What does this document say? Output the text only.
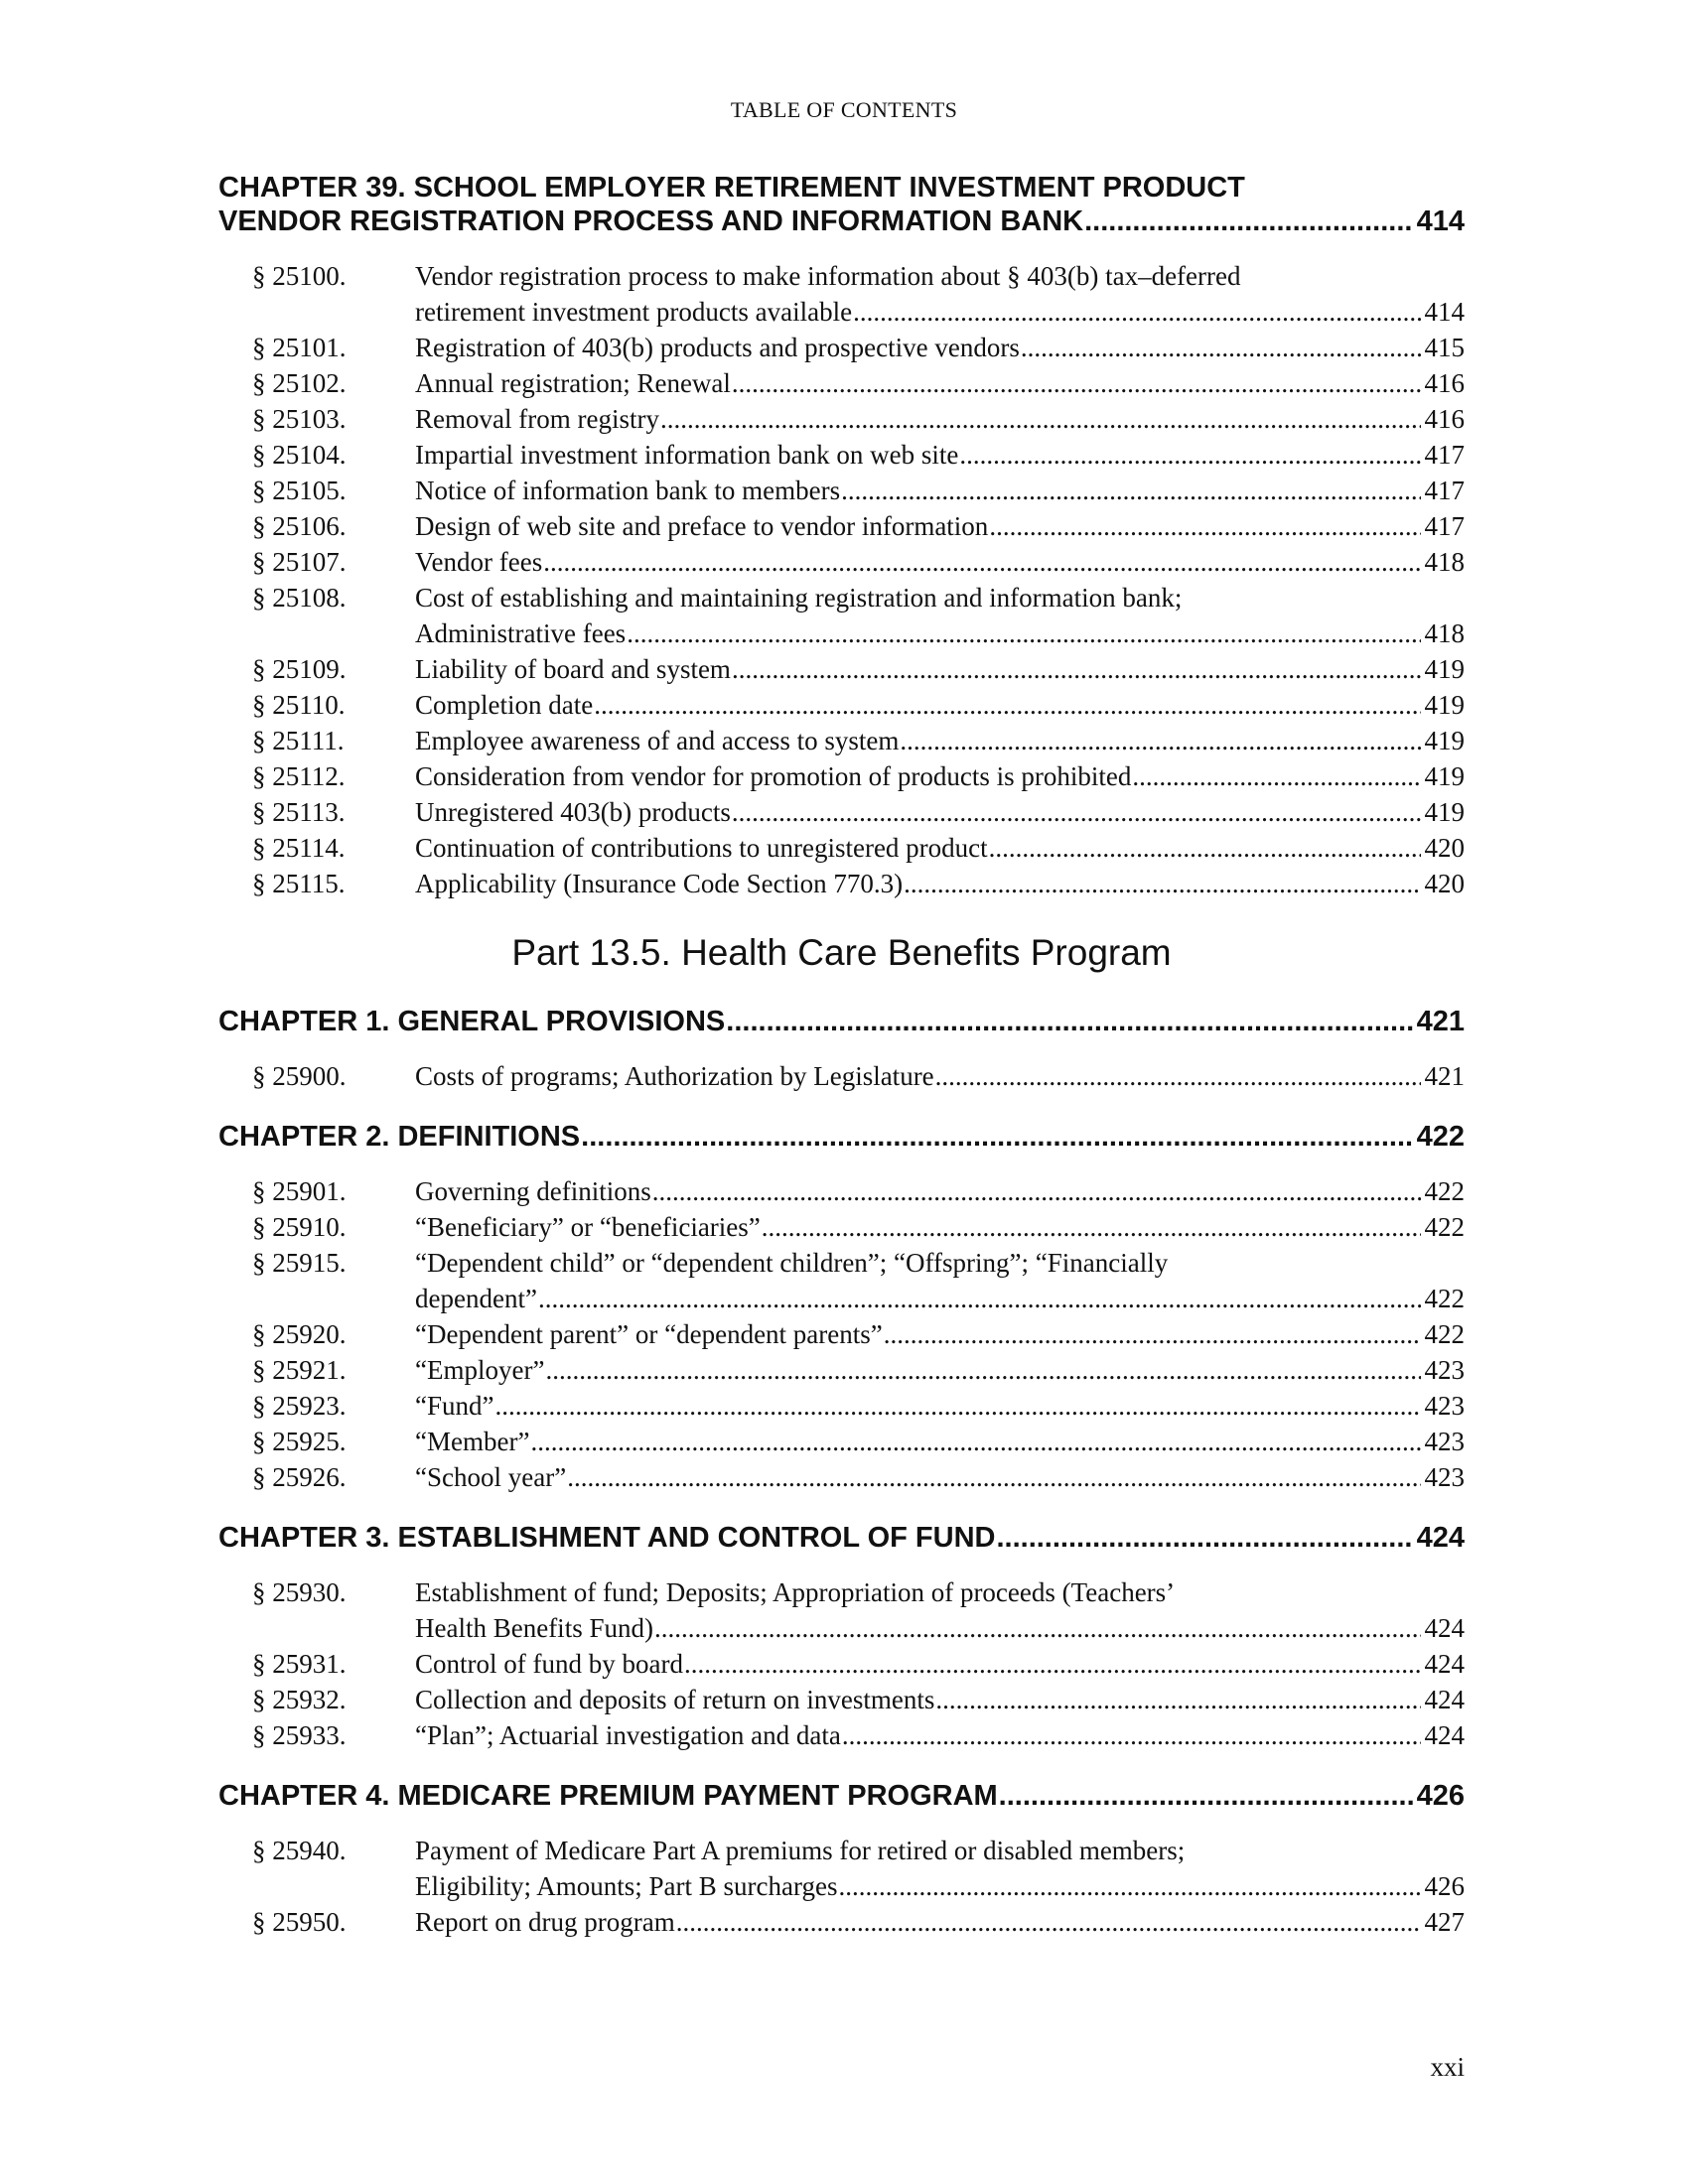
TABLE OF CONTENTS
CHAPTER 39. SCHOOL EMPLOYER RETIREMENT INVESTMENT PRODUCT
VENDOR REGISTRATION PROCESS AND INFORMATION BANK .....	414
§ 25100.	Vendor registration process to make information about § 403(b) tax–deferred
retirement investment products available .....	414
§ 25101.	Registration of 403(b) products and prospective vendors .....	415
§ 25102.	Annual registration; Renewal .....	416
§ 25103.	Removal from registry .....	416
§ 25104.	Impartial investment information bank on web site .....	417
§ 25105.	Notice of information bank to members .....	417
§ 25106.	Design of web site and preface to vendor information .....	417
§ 25107.	Vendor fees .....	418
§ 25108.	Cost of establishing and maintaining registration and information bank;
Administrative fees .....	418
§ 25109.	Liability of board and system .....	419
§ 25110.	Completion date .....	419
§ 25111.	Employee awareness of and access to system .....	419
§ 25112.	Consideration from vendor for promotion of products is prohibited .....	419
§ 25113.	Unregistered 403(b) products .....	419
§ 25114.	Continuation of contributions to unregistered product .....	420
§ 25115.	Applicability (Insurance Code Section 770.3) .....	420
Part 13.5. Health Care Benefits Program
CHAPTER 1. GENERAL PROVISIONS .....	421
§ 25900.	Costs of programs; Authorization by Legislature .....	421
CHAPTER 2. DEFINITIONS .....	422
§ 25901.	Governing definitions .....	422
§ 25910.	“Beneficiary” or “beneficiaries” .....	422
§ 25915.	“Dependent child” or “dependent children”; “Offspring”; “Financially
dependent” .....	422
§ 25920.	“Dependent parent” or “dependent parents” .....	422
§ 25921.	“Employer” .....	423
§ 25923.	“Fund” .....	423
§ 25925.	“Member” .....	423
§ 25926.	“School year” .....	423
CHAPTER 3. ESTABLISHMENT AND CONTROL OF FUND .....	424
§ 25930.	Establishment of fund; Deposits; Appropriation of proceeds (Teachers’
Health Benefits Fund) .....	424
§ 25931.	Control of fund by board .....	424
§ 25932.	Collection and deposits of return on investments .....	424
§ 25933.	“Plan”; Actuarial investigation and data .....	424
CHAPTER 4. MEDICARE PREMIUM PAYMENT PROGRAM .....	426
§ 25940.	Payment of Medicare Part A premiums for retired or disabled members;
Eligibility; Amounts; Part B surcharges .....	426
§ 25950.	Report on drug program .....	427
xxi
